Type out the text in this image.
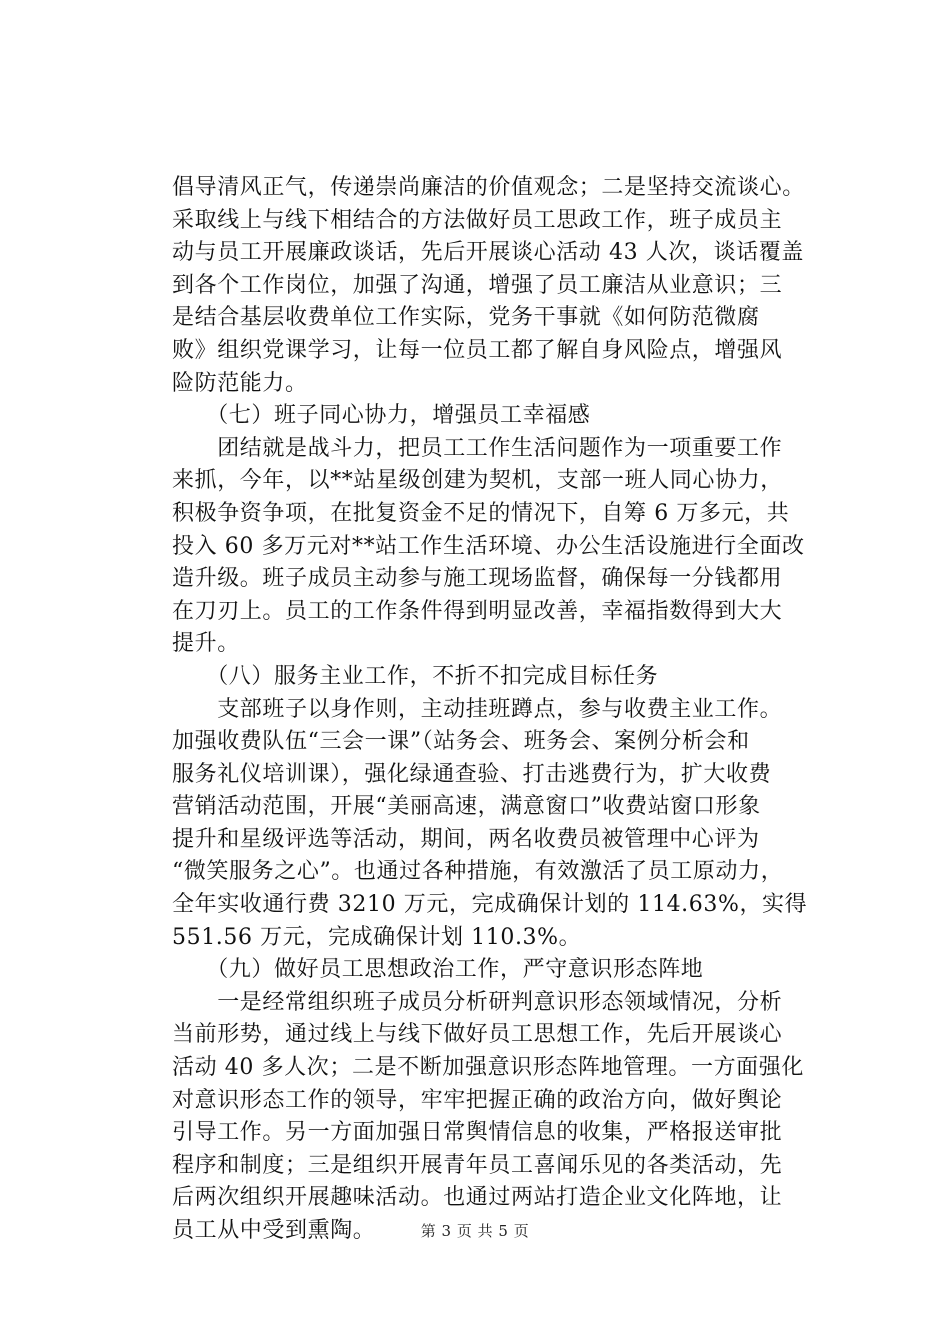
倡导清风正气，传递崇尚廉洁的价值观念；二是坚持交流谈心。
采取线上与线下相结合的方法做好员工思政工作，班子成员主
动与员工开展廉政谈话，先后开展谈心活动 43 人次，谈话覆盖
到各个工作岗位，加强了沟通，增强了员工廉洁从业意识；三
是结合基层收费单位工作实际，党务干事就《如何防范微腐
败》组织党课学习，让每一位员工都了解自身风险点，增强风
险防范能力。
　　（七）班子同心协力，增强员工幸福感
　　团结就是战斗力，把员工工作生活问题作为一项重要工作
来抓，今年，以**站星级创建为契机，支部一班人同心协力，
积极争资争项，在批复资金不足的情况下，自筹 6 万多元，共
投入 60 多万元对**站工作生活环境、办公生活设施进行全面改
造升级。班子成员主动参与施工现场监督，确保每一分钱都用
在刀刃上。员工的工作条件得到明显改善，幸福指数得到大大
提升。
　　（八）服务主业工作，不折不扣完成目标任务
　　支部班子以身作则，主动挂班蹲点，参与收费主业工作。
加强收费队伍“三会一课”（站务会、班务会、案例分析会和
服务礼仪培训课），强化绿通查验、打击逃费行为，扩大收费
营销活动范围，开展“美丽高速，满意窗口”收费站窗口形象
提升和星级评选等活动，期间，两名收费员被管理中心评为
“微笑服务之心”。也通过各种措施，有效激活了员工原动力，
全年实收通行费 3210 万元，完成确保计划的 114.63%，实得
551.56 万元，完成确保计划 110.3%。
　　（九）做好员工思想政治工作，严守意识形态阵地
　　一是经常组织班子成员分析研判意识形态领域情况，分析
当前形势，通过线上与线下做好员工思想工作，先后开展谈心
活动 40 多人次；二是不断加强意识形态阵地管理。一方面强化
对意识形态工作的领导，牢牢把握正确的政治方向，做好舆论
引导工作。另一方面加强日常舆情信息的收集，严格报送审批
程序和制度；三是组织开展青年员工喜闻乐见的各类活动，先
后两次组织开展趣味活动。也通过两站打造企业文化阵地，让
员工从中受到熏陶。	第 3 页 共 5 页
